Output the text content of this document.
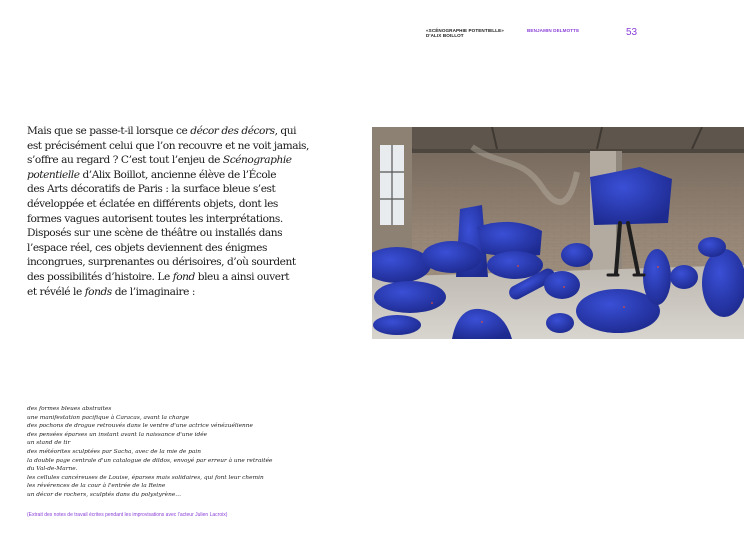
«SCÉNOGRAPHIE POTENTIELLE»
D'ALIX BOILLOT
BENJAMIN DELMOTTE	53

Mais que se passe-t-il lorsque ce décor des décors, qui
est précisément celui que l’on recouvre et ne voit jamais,
s’offre au regard ? C’est tout l’enjeu de Scénographie
potentielle d’Alix Boillot, ancienne élève de l’École
des Arts décoratifs de Paris : la surface bleue s’est
développée et éclatée en différents objets, dont les
formes vagues autorisent toutes les interprétations.
Disposés sur une scène de théâtre ou installés dans
l’espace réel, ces objets deviennent des énigmes
incongrues, surprenantes ou dérisoires, d’où sourdent
des possibilités d’histoire. Le fond bleu a ainsi ouvert
et révélé le fonds de l’imaginaire :

des formes bleues abstraites
une manifestation pacifique à Caracas, avant la charge
des pochons de drogue retrouvés dans le ventre d'une actrice vénézuélienne
des pensées éparses un instant avant la naissance d'une idée
un stand de tir
des météorites sculptées par Sacha, avec de la mie de pain
la double page centrale d'un catalogue de dildos, envoyé par erreur à une retraitée
du Val-de-Marne.
les cellules cancéreuses de Louise, éparses mais solidaires, qui font leur chemin
les révérences de la cour à l'entrée de la Reine
un décor de rochers, sculptés dans du polystyrène…
(Extrait des notes de travail écrites pendant les improvisations avec l’acteur Julien Lacroix)
